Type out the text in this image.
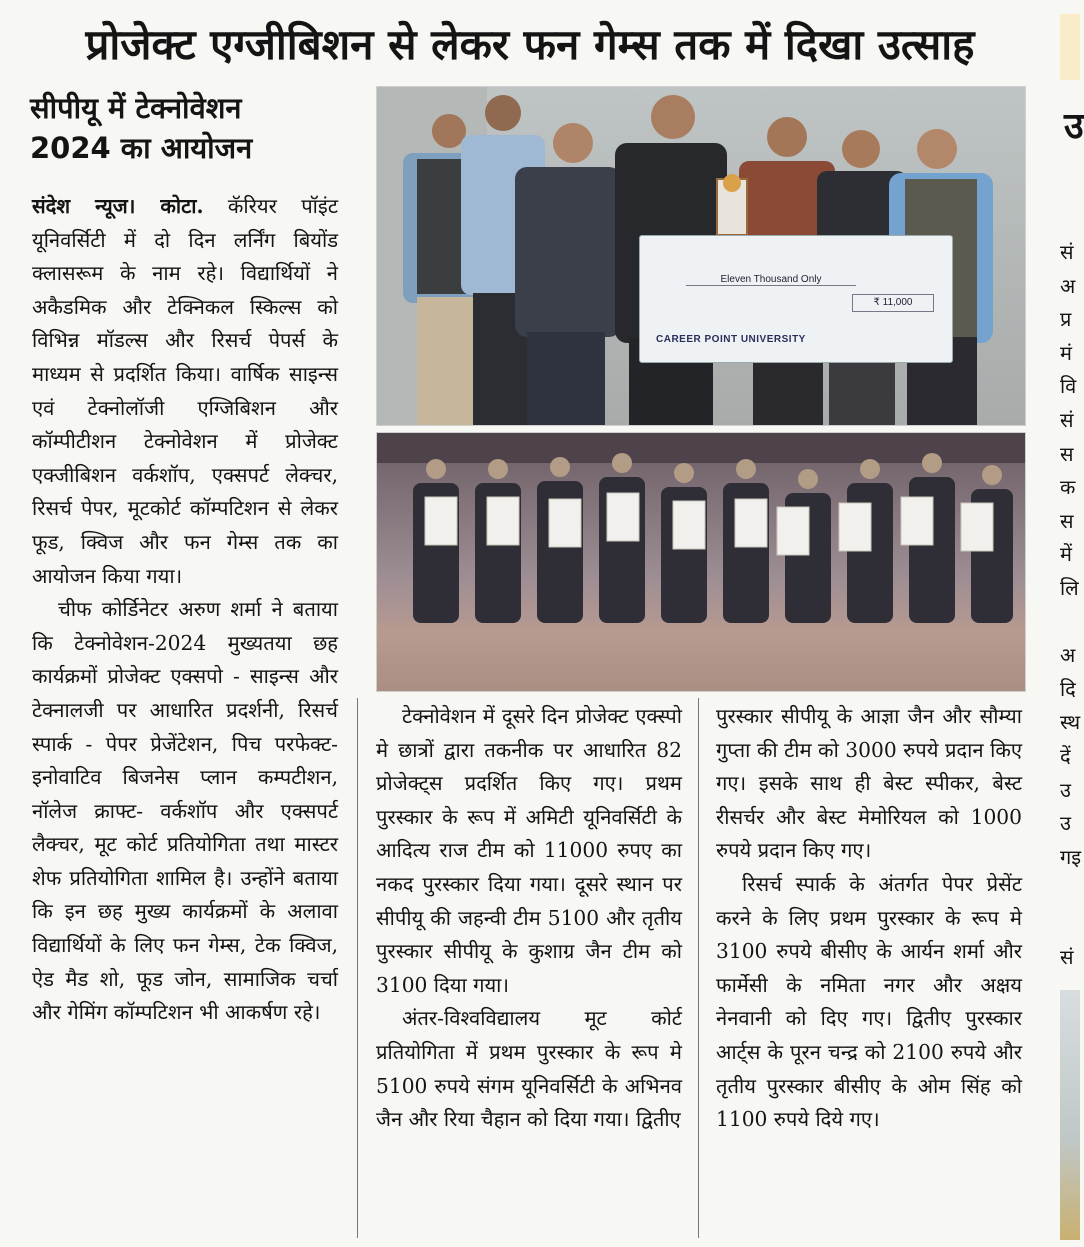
प्रोजेक्ट एग्जीबिशन से लेकर फन गेम्स तक में दिखा उत्साह
सीपीयू में टेक्नोवेशन
2024 का आयोजन

संदेश न्यूज। कोटा. कॅरियर पॉइंट यूनिवर्सिटी में दो दिन लर्निंग बियोंड क्लासरूम के नाम रहे। विद्यार्थियों ने अकैडमिक और टेक्निकल स्किल्स को विभिन्न मॉडल्स और रिसर्च पेपर्स के माध्यम से प्रदर्शित किया। वार्षिक साइन्स एवं टेक्नोलॉजी एग्जिबिशन और कॉम्पीटीशन टेक्नोवेशन में प्रोजेक्ट एक्जीबिशन वर्कशॉप, एक्सपर्ट लेक्चर, रिसर्च पेपर, मूटकोर्ट कॉम्पटिशन से लेकर फूड, क्विज और फन गेम्स तक का आयोजन किया गया।

चीफ कोर्डिनेटर अरुण शर्मा ने बताया कि टेक्नोवेशन-2024 मुख्यतया छह कार्यक्रमों प्रोजेक्ट एक्सपो - साइन्स और टेक्नालजी पर आधारित प्रदर्शनी, रिसर्च स्पार्क - पेपर प्रेजेंटेशन, पिच परफेक्ट- इनोवाटिव बिजनेस प्लान कम्पटीशन, नॉलेज क्राफ्ट- वर्कशॉप और एक्सपर्ट लैक्चर, मूट कोर्ट प्रतियोगिता तथा मास्टर शेफ प्रतियोगिता शामिल है। उन्होंने बताया कि इन छह मुख्य कार्यक्रमों के अलावा विद्यार्थियों के लिए फन गेम्स, टेक क्विज, ऐड मैड शो, फूड जोन, सामाजिक चर्चा और गेमिंग कॉम्पटिशन भी आकर्षण रहे।

Eleven Thousand Only
₹ 11,000
CAREER POINT UNIVERSITY

टेक्नोवेशन में दूसरे दिन प्रोजेक्ट एक्स्पो मे छात्रों द्वारा तकनीक पर आधारित 82 प्रोजेक्ट्स प्रदर्शित किए गए। प्रथम पुरस्कार के रूप में अमिटी यूनिवर्सिटी के आदित्य राज टीम को 11000 रुपए का नकद पुरस्कार दिया गया। दूसरे स्थान पर सीपीयू की जहन्वी टीम 5100 और तृतीय पुरस्कार सीपीयू के कुशाग्र जैन टीम को 3100 दिया गया।

अंतर-विश्वविद्यालय मूट कोर्ट प्रतियोगिता में प्रथम पुरस्कार के रूप मे 5100 रुपये संगम यूनिवर्सिटी के अभिनव जैन और रिया चैहान को दिया गया। द्वितीए

पुरस्कार सीपीयू के आज्ञा जैन और सौम्या गुप्ता की टीम को 3000 रुपये प्रदान किए गए। इसके साथ ही बेस्ट स्पीकर, बेस्ट रीसर्चर और बेस्ट मेमोरियल को 1000 रुपये प्रदान किए गए।

रिसर्च स्पार्क के अंतर्गत पेपर प्रेसेंट करने के लिए प्रथम पुरस्कार के रूप मे 3100 रुपये बीसीए के आर्यन शर्मा और फार्मेसी के नमिता नगर और अक्षय नेनवानी को दिए गए। द्वितीए पुरस्कार आर्ट्स के पूरन चन्द्र को 2100 रुपये और तृतीय पुरस्कार बीसीए के ओम सिंह को 1100 रुपये दिये गए।

उ
सं
अ
प्र
मं
वि
सं
स
क
स
में
लि
अ
दि
स्थ
दें
उ
उ
गइ
सं
